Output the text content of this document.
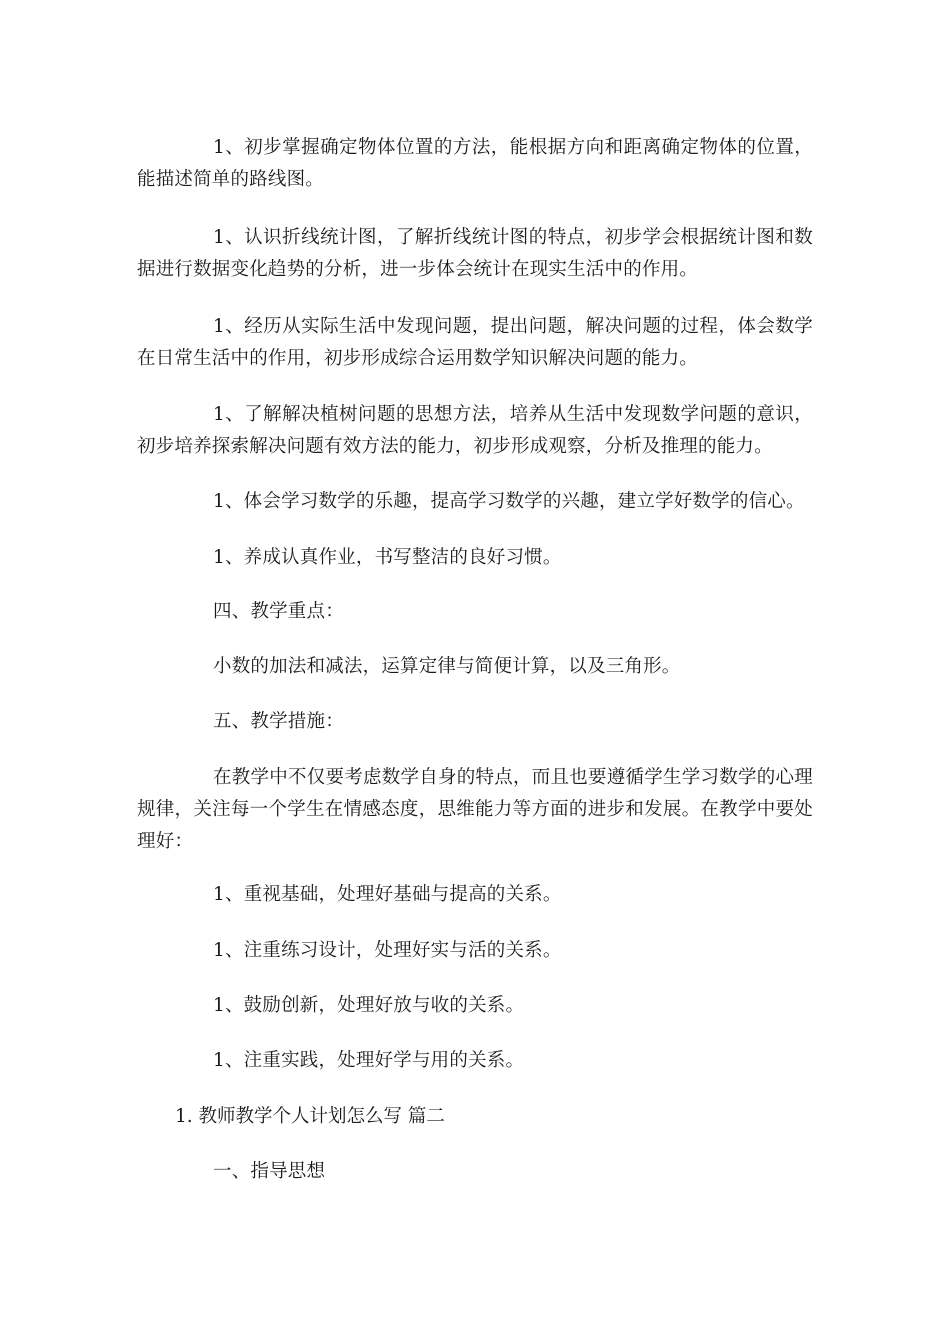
1、初步掌握确定物体位置的方法，能根据方向和距离确定物体的位置，能描述简单的路线图。

1、认识折线统计图，了解折线统计图的特点，初步学会根据统计图和数据进行数据变化趋势的分析，进一步体会统计在现实生活中的作用。

1、经历从实际生活中发现问题，提出问题，解决问题的过程，体会数学在日常生活中的作用，初步形成综合运用数学知识解决问题的能力。

1、了解解决植树问题的思想方法，培养从生活中发现数学问题的意识，初步培养探索解决问题有效方法的能力，初步形成观察，分析及推理的能力。

1、体会学习数学的乐趣，提高学习数学的兴趣，建立学好数学的信心。

1、养成认真作业，书写整洁的良好习惯。

四、教学重点：

小数的加法和减法，运算定律与简便计算，以及三角形。

五、教学措施：

在教学中不仅要考虑数学自身的特点，而且也要遵循学生学习数学的心理规律，关注每一个学生在情感态度，思维能力等方面的进步和发展。在教学中要处理好：

1、重视基础，处理好基础与提高的关系。

1、注重练习设计，处理好实与活的关系。

1、鼓励创新，处理好放与收的关系。

1、注重实践，处理好学与用的关系。

1. 教师教学个人计划怎么写 篇二

一、指导思想
